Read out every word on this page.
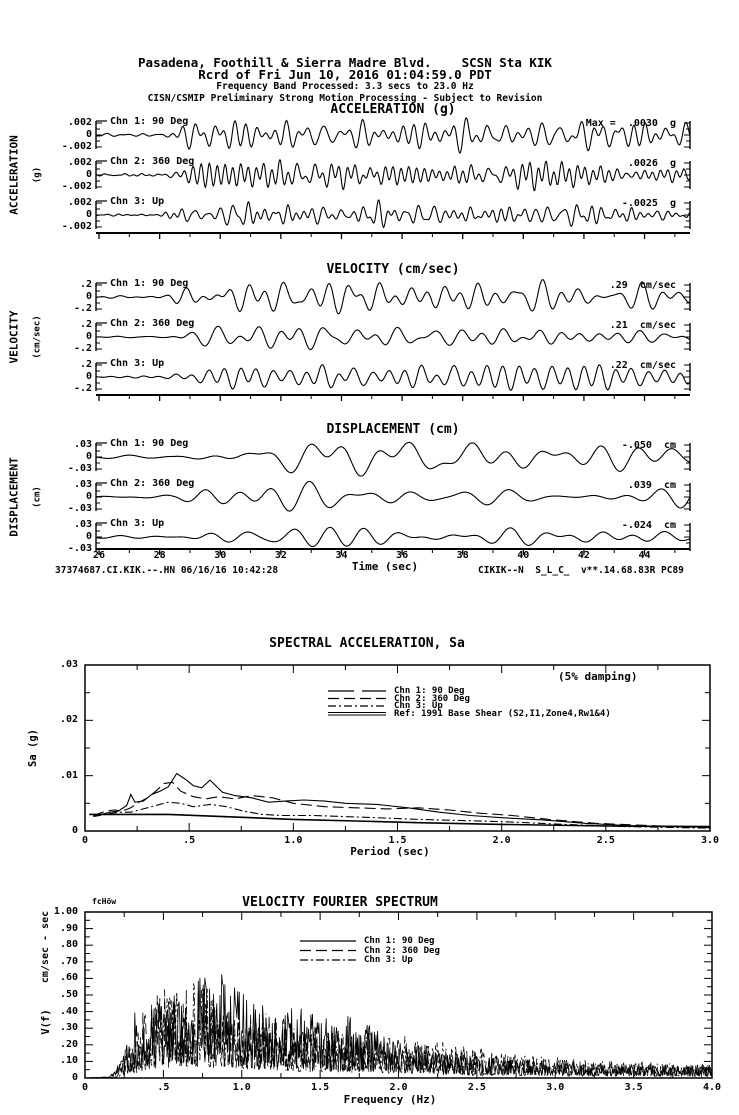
Pasadena, Foothill & Sierra Madre Blvd.    SCSN Sta KIK
Rcrd of Fri Jun 10, 2016 01:04:59.0 PDT
Frequency Band Processed: 3.3 secs to 23.0 Hz
CISN/CSMIP Preliminary Strong Motion Processing - Subject to Revision
ACCELERATION (g)
VELOCITY (cm/sec)
DISPLACEMENT (cm)
ACCELERATION (g)
VELOCITY (cm/sec)
DISPLACEMENT (cm)
Time (sec)
37374687.CI.KIK.--.HN 06/16/16 10:42:28	CIKIK--N  S_L_C_  v**.14.68.83R PC89
SPECTRAL ACCELERATION, Sa
(5% damping)
Sa (g)
Period (sec)
VELOCITY FOURIER SPECTRUM
fcHöw
cm/sec - sec
V(f)
Frequency (Hz)
Chn 1: 90 Deg
.002
0
-.002
Max =  .0030  g
Chn 2: 360 Deg
.002
0
-.002
.0026  g
Chn 3: Up
.002
0
-.002
-.0025  g
Chn 1: 90 Deg
.2
0
-.2
.29  cm/sec
Chn 2: 360 Deg
.2
0
-.2
.21  cm/sec
Chn 3: Up
.2
0
-.2
.22  cm/sec
26	28	30	32	34	36	38	40	42	44
Chn 1: 90 Deg
.03
0
-.03
-.050  cm
Chn 2: 360 Deg
.03
0
-.03
.039  cm
Chn 3: Up
.03
0
-.03
-.024  cm
.03
.02
.01
0
0	.5	1.0	1.5	2.0	2.5	3.0
Chn 1: 90 Deg
Chn 2: 360 Deg
Chn 3: Up
Ref: 1991 Base Shear (S2,I1,Zone4,Rw1&4)
1.00
.90
.80
.70
.60
.50
.40
.30
.20
.10
0
0	.5	1.0	1.5	2.0	2.5	3.0	3.5	4.0
Chn 1: 90 Deg
Chn 2: 360 Deg
Chn 3: Up
